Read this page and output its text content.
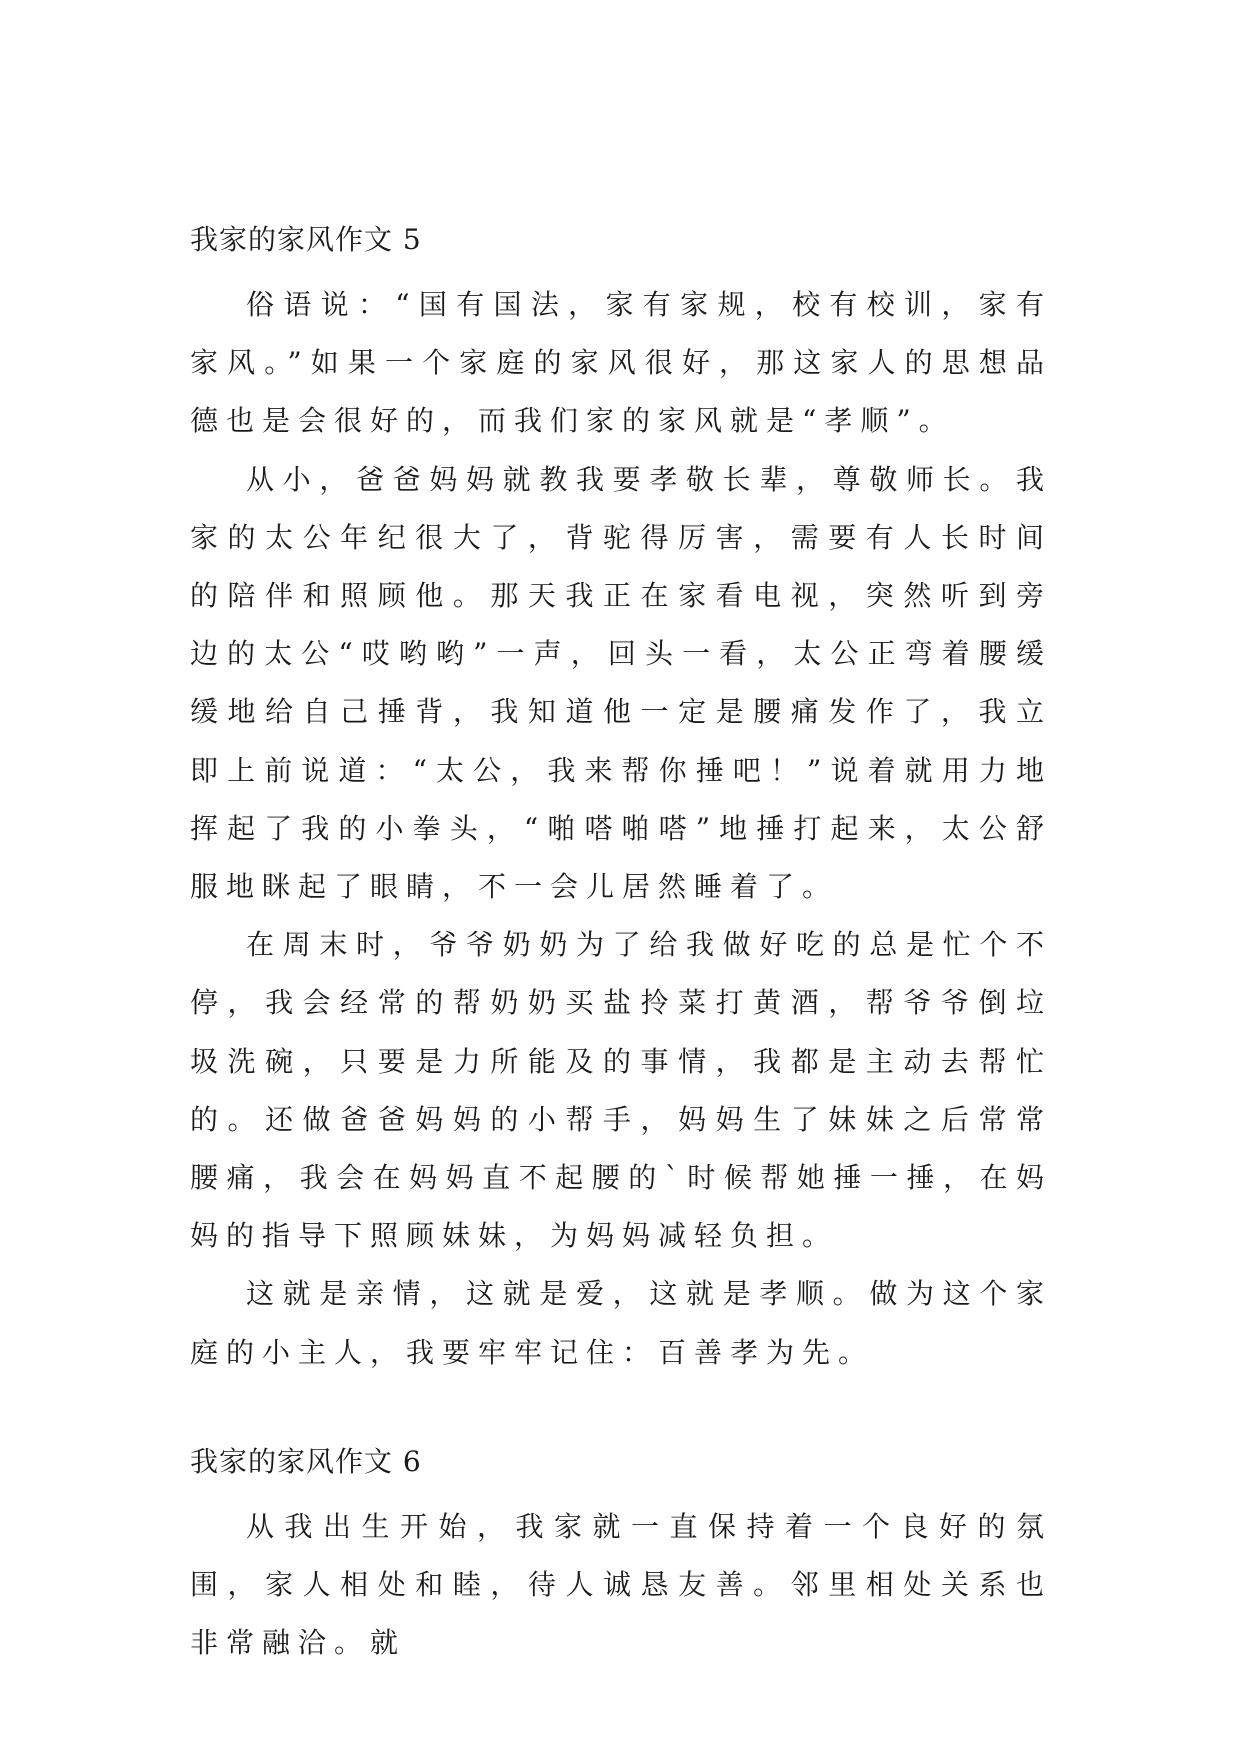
我家的家风作文 5

俗语说：“国有国法，家有家规，校有校训，家有家风。”如果一个家庭的家风很好，那这家人的思想品德也是会很好的，而我们家的家风就是“孝顺”。

从小，爸爸妈妈就教我要孝敬长辈，尊敬师长。我家的太公年纪很大了，背驼得厉害，需要有人长时间的陪伴和照顾他。那天我正在家看电视，突然听到旁边的太公“哎哟哟”一声，回头一看，太公正弯着腰缓缓地给自己捶背，我知道他一定是腰痛发作了，我立即上前说道：“太公，我来帮你捶吧！”说着就用力地挥起了我的小拳头，“啪嗒啪嗒”地捶打起来，太公舒服地眯起了眼睛，不一会儿居然睡着了。

在周末时，爷爷奶奶为了给我做好吃的总是忙个不停，我会经常的帮奶奶买盐拎菜打黄酒，帮爷爷倒垃圾洗碗，只要是力所能及的事情，我都是主动去帮忙的。还做爸爸妈妈的小帮手，妈妈生了妹妹之后常常腰痛，我会在妈妈直不起腰的`时候帮她捶一捶，在妈妈的指导下照顾妹妹，为妈妈减轻负担。

这就是亲情，这就是爱，这就是孝顺。做为这个家庭的小主人，我要牢牢记住：百善孝为先。

我家的家风作文 6

从我出生开始，我家就一直保持着一个良好的氛围，家人相处和睦，待人诚恳友善。邻里相处关系也非常融洽。就
